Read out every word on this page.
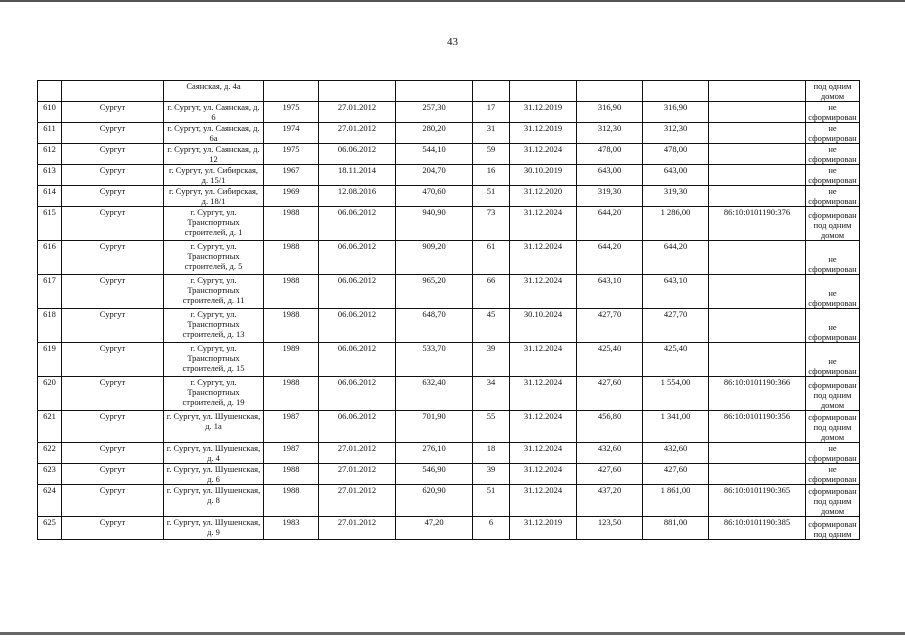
43
		Саянская, д. 4а									под одним домом
610	Сургут	г. Сургут, ул. Саянская, д. 6	1975	27.01.2012	257,30	17	31.12.2019	316,90	316,90		не сформирован
611	Сургут	г. Сургут, ул. Саянская, д. 6а	1974	27.01.2012	280,20	31	31.12.2019	312,30	312,30		не сформирован
612	Сургут	г. Сургут, ул. Саянская, д. 12	1975	06.06.2012	544,10	59	31.12.2024	478,00	478,00		не сформирован
613	Сургут	г. Сургут, ул. Сибирская, д. 15/1	1967	18.11.2014	204,70	16	30.10.2019	643,00	643,00		не сформирован
614	Сургут	г. Сургут, ул. Сибирская, д. 18/1	1969	12.08.2016	470,60	51	31.12.2020	319,30	319,30		не сформирован
615	Сургут	г. Сургут, ул. Транспортных строителей, д. 1	1988	06.06.2012	940,90	73	31.12.2024	644,20	1 286,00	86:10:0101190:376	сформирован под одним домом
616	Сургут	г. Сургут, ул. Транспортных строителей, д. 5	1988	06.06.2012	909,20	61	31.12.2024	644,20	644,20		не сформирован
617	Сургут	г. Сургут, ул. Транспортных строителей, д. 11	1988	06.06.2012	965,20	66	31.12.2024	643,10	643,10		не сформирован
618	Сургут	г. Сургут, ул. Транспортных строителей, д. 13	1988	06.06.2012	648,70	45	30.10.2024	427,70	427,70		не сформирован
619	Сургут	г. Сургут, ул. Транспортных строителей, д. 15	1989	06.06.2012	533,70	39	31.12.2024	425,40	425,40		не сформирован
620	Сургут	г. Сургут, ул. Транспортных строителей, д. 19	1988	06.06.2012	632,40	34	31.12.2024	427,60	1 554,00	86:10:0101190:366	сформирован под одним домом
621	Сургут	г. Сургут, ул. Шушенская, д. 1а	1987	06.06.2012	701,90	55	31.12.2024	456,80	1 341,00	86:10:0101190:356	сформирован под одним домом
622	Сургут	г. Сургут, ул. Шушенская, д. 4	1987	27.01.2012	276,10	18	31.12.2024	432,60	432,60		не сформирован
623	Сургут	г. Сургут, ул. Шушенская, д. 6	1988	27.01.2012	546,90	39	31.12.2024	427,60	427,60		не сформирован
624	Сургут	г. Сургут, ул. Шушенская, д. 8	1988	27.01.2012	620,90	51	31.12.2024	437,20	1 861,00	86:10:0101190:365	сформирован под одним домом
625	Сургут	г. Сургут, ул. Шушенская, д. 9	1983	27.01.2012	47,20	6	31.12.2019	123,50	881,00	86:10:0101190:385	сформирован под одним
